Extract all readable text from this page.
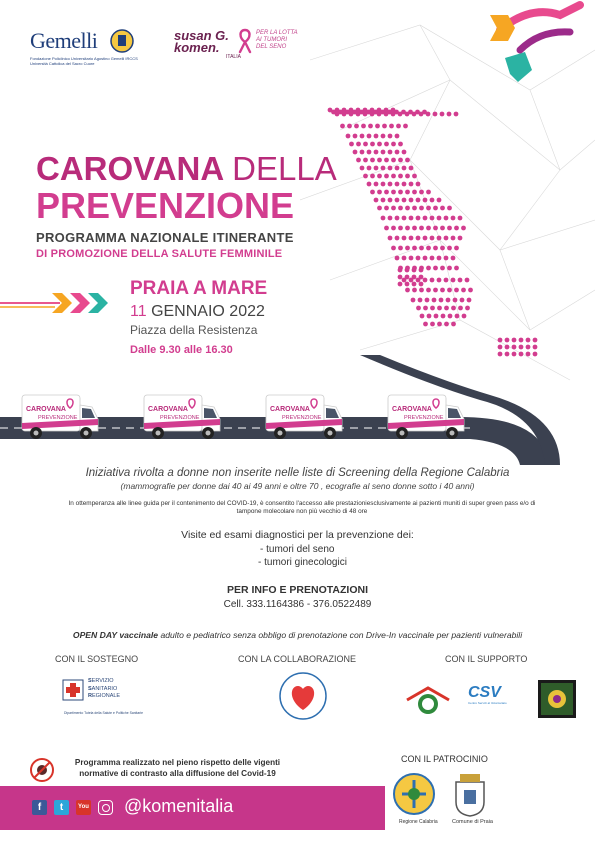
Gemelli
Fondazione Policlinico Universitario Agostino Gemelli IRCCS
Università Cattolica del Sacro Cuore
susan G.
komen.
ITALIA
PER LA LOTTA
AI TUMORI
DEL SENO
CAROVANA DELLA
PREVENZIONE
PROGRAMMA NAZIONALE ITINERANTE
DI PROMOZIONE DELLA SALUTE FEMMINILE
PRAIA A MARE
11 GENNAIO 2022
Piazza della Resistenza
Dalle 9.30 alle 16.30
CAROVANA
PREVENZIONE
CAROVANA
PREVENZIONE
CAROVANA
PREVENZIONE
CAROVANA
PREVENZIONE
Iniziativa rivolta a donne non inserite nelle liste di Screening della Regione Calabria
(mammografie per donne dai 40 ai 49 anni e oltre 70 , ecografie al seno donne sotto i 40 anni)
In ottemperanza alle linee guida per il contenimento del COVID-19, è consentito l'accesso alle prestazioniesclusivamente ai pazienti muniti di super green pass e/o di tampone molecolare non più vecchio di 48 ore
Visite ed esami diagnostici per la prevenzione dei:
- tumori del seno
- tumori ginecologici
PER INFO E PRENOTAZIONI
Cell. 333.1164386 - 376.0522489
OPEN DAY vaccinale adulto e pediatrico senza obbligo di prenotazione con Drive-In vaccinale per pazienti vulnerabili
CON IL SOSTEGNO	CON LA COLLABORAZIONE	CON IL SUPPORTO
SERVIZIO
SANITARIO
REGIONALE
Dipartimento Tutela della Salute e Politiche Sanitarie
CSV
Centro Servizi al Volontariato
Programma realizzato nel pieno rispetto delle vigenti
normative di contrasto alla diffusione del Covid-19
CON IL PATROCINIO
Regione Calabria	Comune di Praia
f	t	You @komenitalia
